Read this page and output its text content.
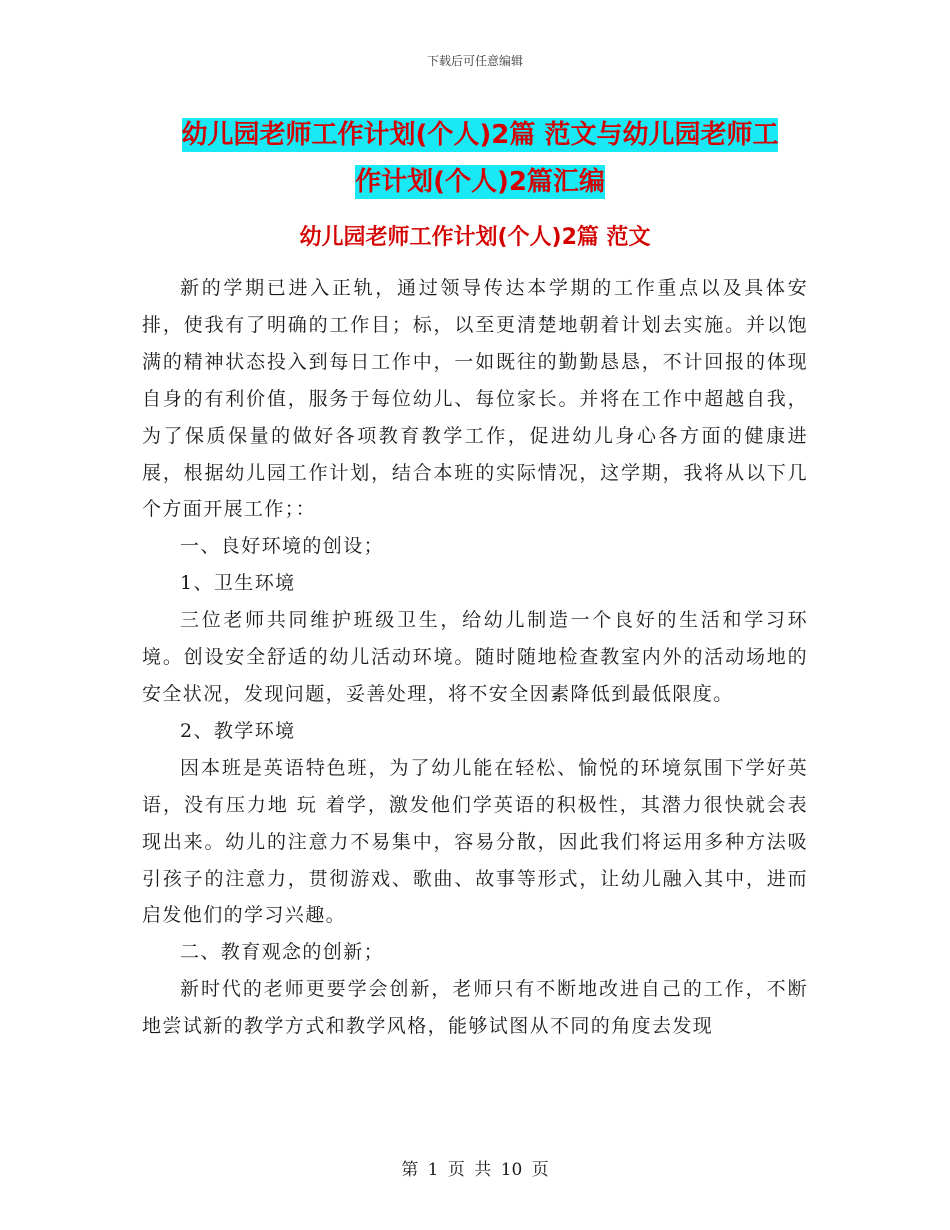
下载后可任意编辑
幼儿园老师工作计划(个人)2篇 范文与幼儿园老师工
作计划(个人)2篇汇编
幼儿园老师工作计划(个人)2篇 范文

新的学期已进入正轨，通过领导传达本学期的工作重点以及具体安排，使我有了明确的工作目；标，以至更清楚地朝着计划去实施。并以饱满的精神状态投入到每日工作中，一如既往的勤勤恳恳，不计回报的体现自身的有利价值，服务于每位幼儿、每位家长。并将在工作中超越自我，为了保质保量的做好各项教育教学工作，促进幼儿身心各方面的健康进展，根据幼儿园工作计划，结合本班的实际情况，这学期，我将从以下几个方面开展工作；：

一、良好环境的创设；

1、卫生环境

三位老师共同维护班级卫生，给幼儿制造一个良好的生活和学习环境。创设安全舒适的幼儿活动环境。随时随地检查教室内外的活动场地的安全状况，发现问题，妥善处理，将不安全因素降低到最低限度。

2、教学环境

因本班是英语特色班，为了幼儿能在轻松、愉悦的环境氛围下学好英语，没有压力地 玩 着学，激发他们学英语的积极性，其潜力很快就会表现出来。幼儿的注意力不易集中，容易分散，因此我们将运用多种方法吸引孩子的注意力，贯彻游戏、歌曲、故事等形式，让幼儿融入其中，进而启发他们的学习兴趣。

二、教育观念的创新；

新时代的老师更要学会创新，老师只有不断地改进自己的工作，不断地尝试新的教学方式和教学风格，能够试图从不同的角度去发现

第 1 页 共 10 页
